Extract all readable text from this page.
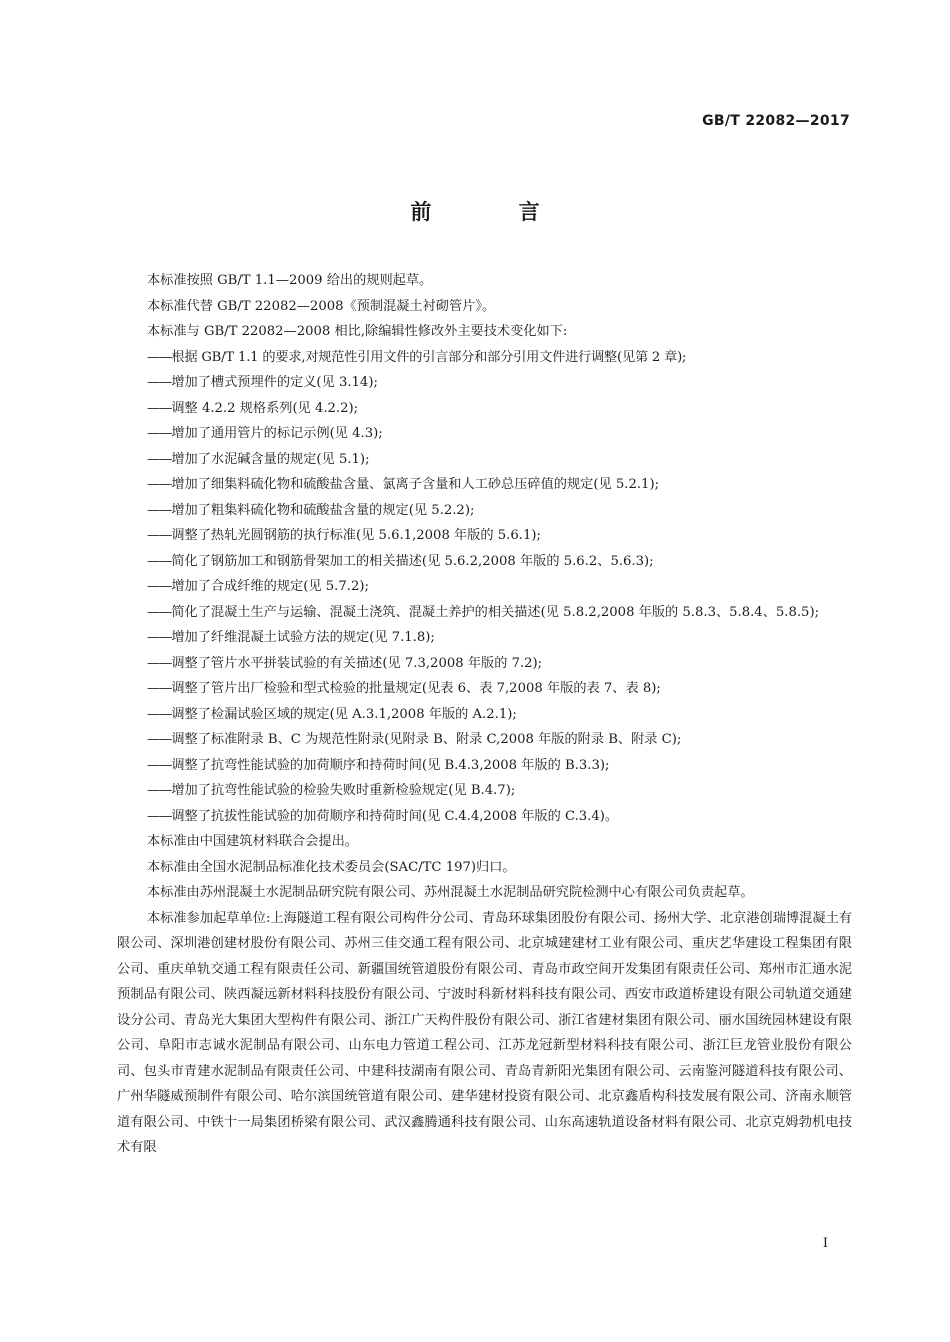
GB/T 22082—2017
前 言
本标准按照 GB/T 1.1—2009 给出的规则起草。
本标准代替 GB/T 22082—2008《预制混凝土衬砌管片》。
本标准与 GB/T 22082—2008 相比,除编辑性修改外主要技术变化如下:
—— 根据 GB/T 1.1 的要求,对规范性引用文件的引言部分和部分引用文件进行调整(见第 2 章);
—— 增加了槽式预埋件的定义(见 3.14);
—— 调整 4.2.2 规格系列(见 4.2.2);
—— 增加了通用管片的标记示例(见 4.3);
—— 增加了水泥碱含量的规定(见 5.1);
—— 增加了细集料硫化物和硫酸盐含量、氯离子含量和人工砂总压碎值的规定(见 5.2.1);
—— 增加了粗集料硫化物和硫酸盐含量的规定(见 5.2.2);
—— 调整了热轧光圆钢筋的执行标准(见 5.6.1,2008 年版的 5.6.1);
—— 简化了钢筋加工和钢筋骨架加工的相关描述(见 5.6.2,2008 年版的 5.6.2、5.6.3);
—— 增加了合成纤维的规定(见 5.7.2);
—— 简化了混凝土生产与运输、混凝土浇筑、混凝土养护的相关描述(见 5.8.2,2008 年版的 5.8.3、5.8.4、5.8.5);
—— 增加了纤维混凝土试验方法的规定(见 7.1.8);
—— 调整了管片水平拼装试验的有关描述(见 7.3,2008 年版的 7.2);
—— 调整了管片出厂检验和型式检验的批量规定(见表 6、表 7,2008 年版的表 7、表 8);
—— 调整了检漏试验区域的规定(见 A.3.1,2008 年版的 A.2.1);
—— 调整了标准附录 B、C 为规范性附录(见附录 B、附录 C,2008 年版的附录 B、附录 C);
—— 调整了抗弯性能试验的加荷顺序和持荷时间(见 B.4.3,2008 年版的 B.3.3);
—— 增加了抗弯性能试验的检验失败时重新检验规定(见 B.4.7);
—— 调整了抗拔性能试验的加荷顺序和持荷时间(见 C.4.4,2008 年版的 C.3.4)。
本标准由中国建筑材料联合会提出。
本标准由全国水泥制品标准化技术委员会(SAC/TC 197)归口。
本标准由苏州混凝土水泥制品研究院有限公司、苏州混凝土水泥制品研究院检测中心有限公司负责起草。
本标准参加起草单位:上海隧道工程有限公司构件分公司、青岛环球集团股份有限公司、扬州大学、北京港创瑞博混凝土有限公司、深圳港创建材股份有限公司、苏州三佳交通工程有限公司、北京城建建材工业有限公司、重庆艺华建设工程集团有限公司、重庆单轨交通工程有限责任公司、新疆国统管道股份有限公司、青岛市政空间开发集团有限责任公司、郑州市汇通水泥预制品有限公司、陕西凝远新材料科技股份有限公司、宁波时科新材料科技有限公司、西安市政道桥建设有限公司轨道交通建设分公司、青岛光大集团大型构件有限公司、浙江广天构件股份有限公司、浙江省建材集团有限公司、丽水国统园林建设有限公司、阜阳市志诚水泥制品有限公司、山东电力管道工程公司、江苏龙冠新型材料科技有限公司、浙江巨龙管业股份有限公司、包头市青建水泥制品有限责任公司、中建科技湖南有限公司、青岛青新阳光集团有限公司、云南鉴河隧道科技有限公司、广州华隧威预制件有限公司、哈尔滨国统管道有限公司、建华建材投资有限公司、北京鑫盾构科技发展有限公司、济南永顺管道有限公司、中铁十一局集团桥梁有限公司、武汉鑫腾通科技有限公司、山东高速轨道设备材料有限公司、北京克姆勃机电技术有限
I
